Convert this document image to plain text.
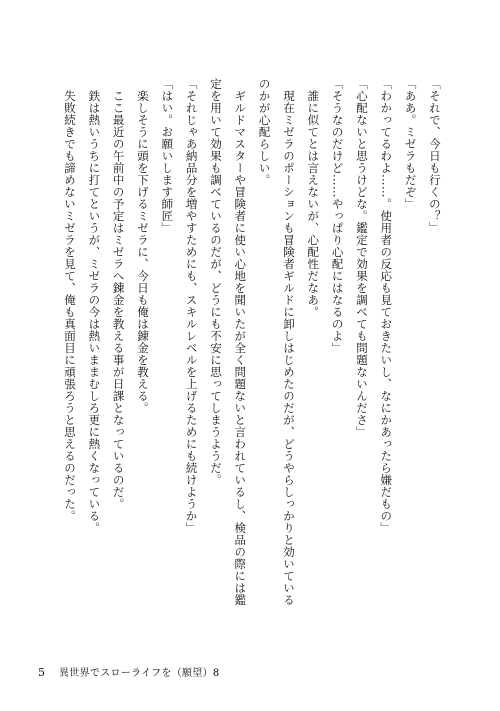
「それで、今日も行くの？」
「ああ。ミゼラもだぞ」
「わかってるわよ……。使用者の反応も見ておきたいし、なにかあったら嫌だもの」
「心配ないと思うけどな。鑑定で効果を調べても問題ないんださ」
「そうなのだけど……やっぱり心配にはなるのよ」
　誰に似てとは言えないが、心配性だなあ。
　現在ミゼラのポーションも冒険者ギルドに卸しはじめたのだが、どうやらしっかりと効いている
のかが心配らしい。
　ギルドマスターや冒険者に使い心地を聞いたが全く問題ないと言われているし、検品の際には鑑
定を用いて効果も調べているのだが、どうにも不安に思ってしまうようだ。
「それじゃあ納品分を増やすためにも、スキルレベルを上げるためにも続けようか」
「はい。お願いします師匠」
　楽しそうに頭を下げるミゼラに、今日も俺は錬金を教える。
　ここ最近の午前中の予定はミゼラへ錬金を教える事が日課となっているのだ。
　鉄は熱いうちに打てというが、ミゼラの今は熱いままむしろ更に熱くなっている。
　失敗続きでも諦めないミゼラを見て、俺も真面目に頑張ろうと思えるのだった。
5 異世界でスローライフを（願望）8
